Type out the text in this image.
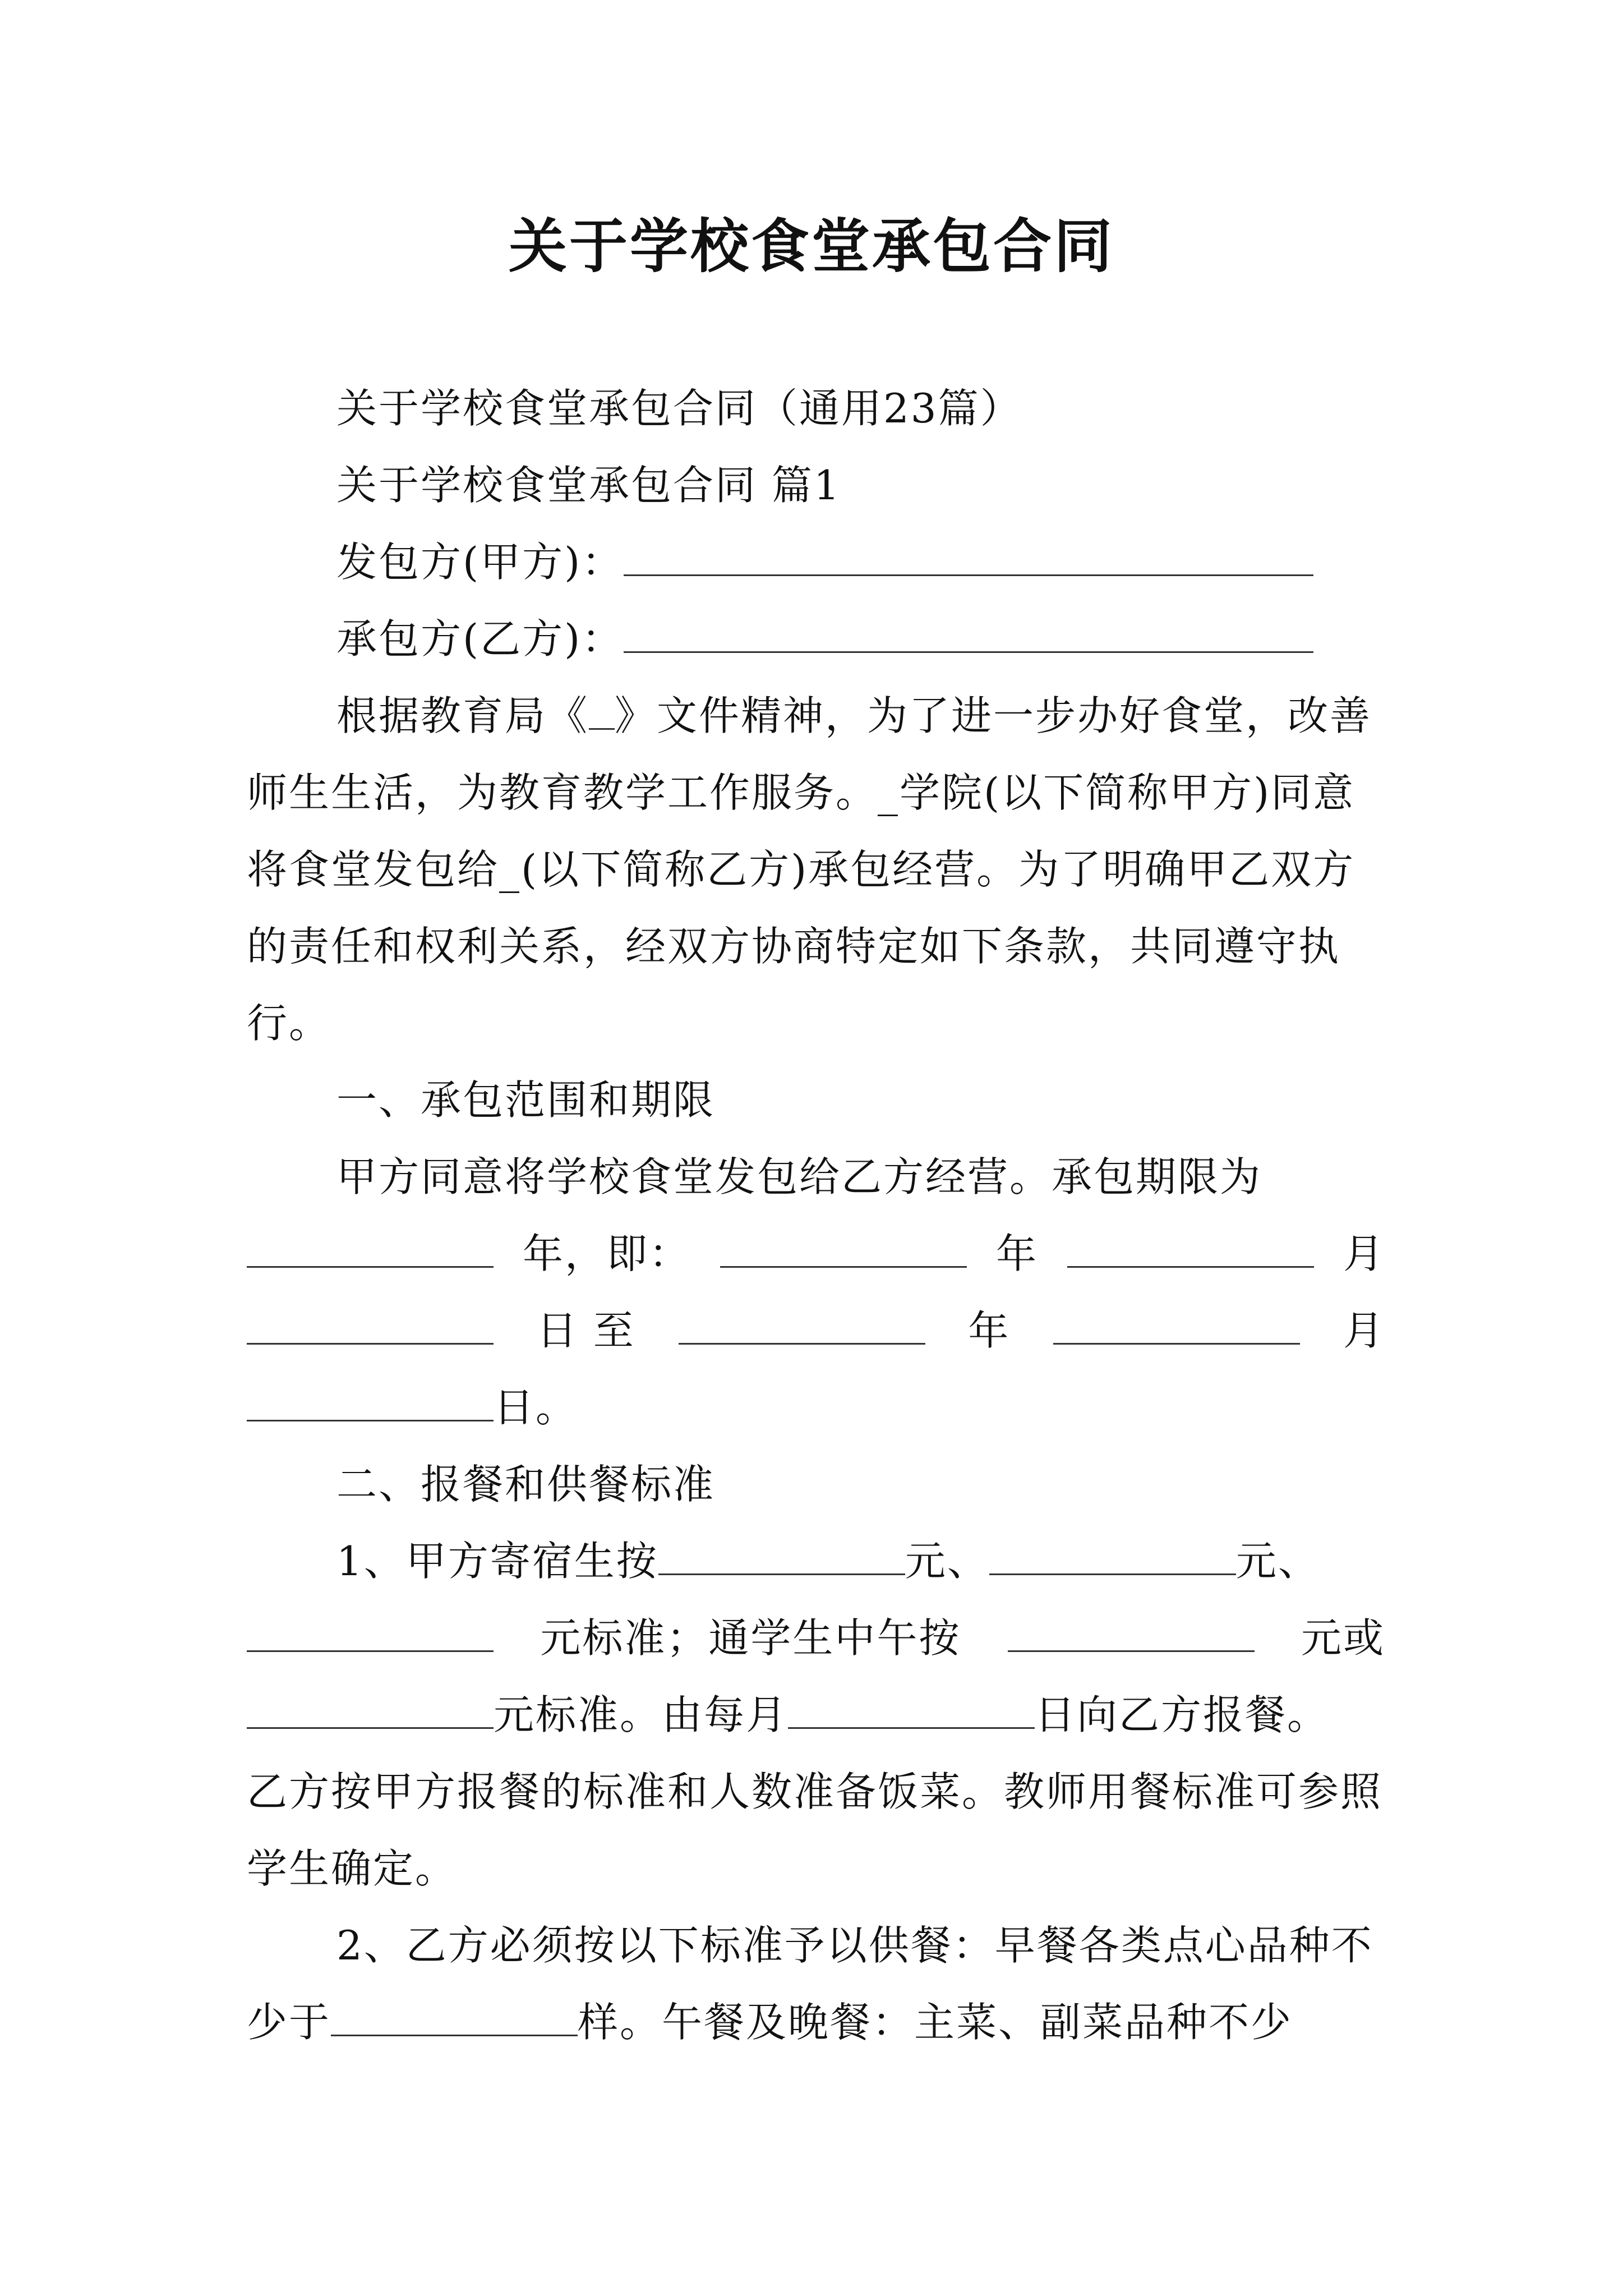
关于学校食堂承包合同

关于学校食堂承包合同（通用23篇）

关于学校食堂承包合同 篇1

发包方(甲方)：

承包方(乙方)：

根据教育局《 》文件精神，为了进一步办好食堂，改善师生生活，为教育教学工作服务。_学院(以下简称甲方)同意将食堂发包给_(以下简称乙方)承包经营。为了明确甲乙双方的责任和权利关系，经双方协商特定如下条款，共同遵守执行。

一、承包范围和期限

甲方同意将学校食堂发包给乙方经营。承包期限为

年，即：	年	月
日 至	年	月

日。

二、报餐和供餐标准

1、甲方寄宿生按	元、	元、

元标准；通学生中午按	元或

元标准。由每月	日向乙方报餐。

乙方按甲方报餐的标准和人数准备饭菜。教师用餐标准可参照学生确定。

2、乙方必须按以下标准予以供餐：早餐各类点心品种不少于	样。午餐及晚餐：主菜、副菜品种不少
